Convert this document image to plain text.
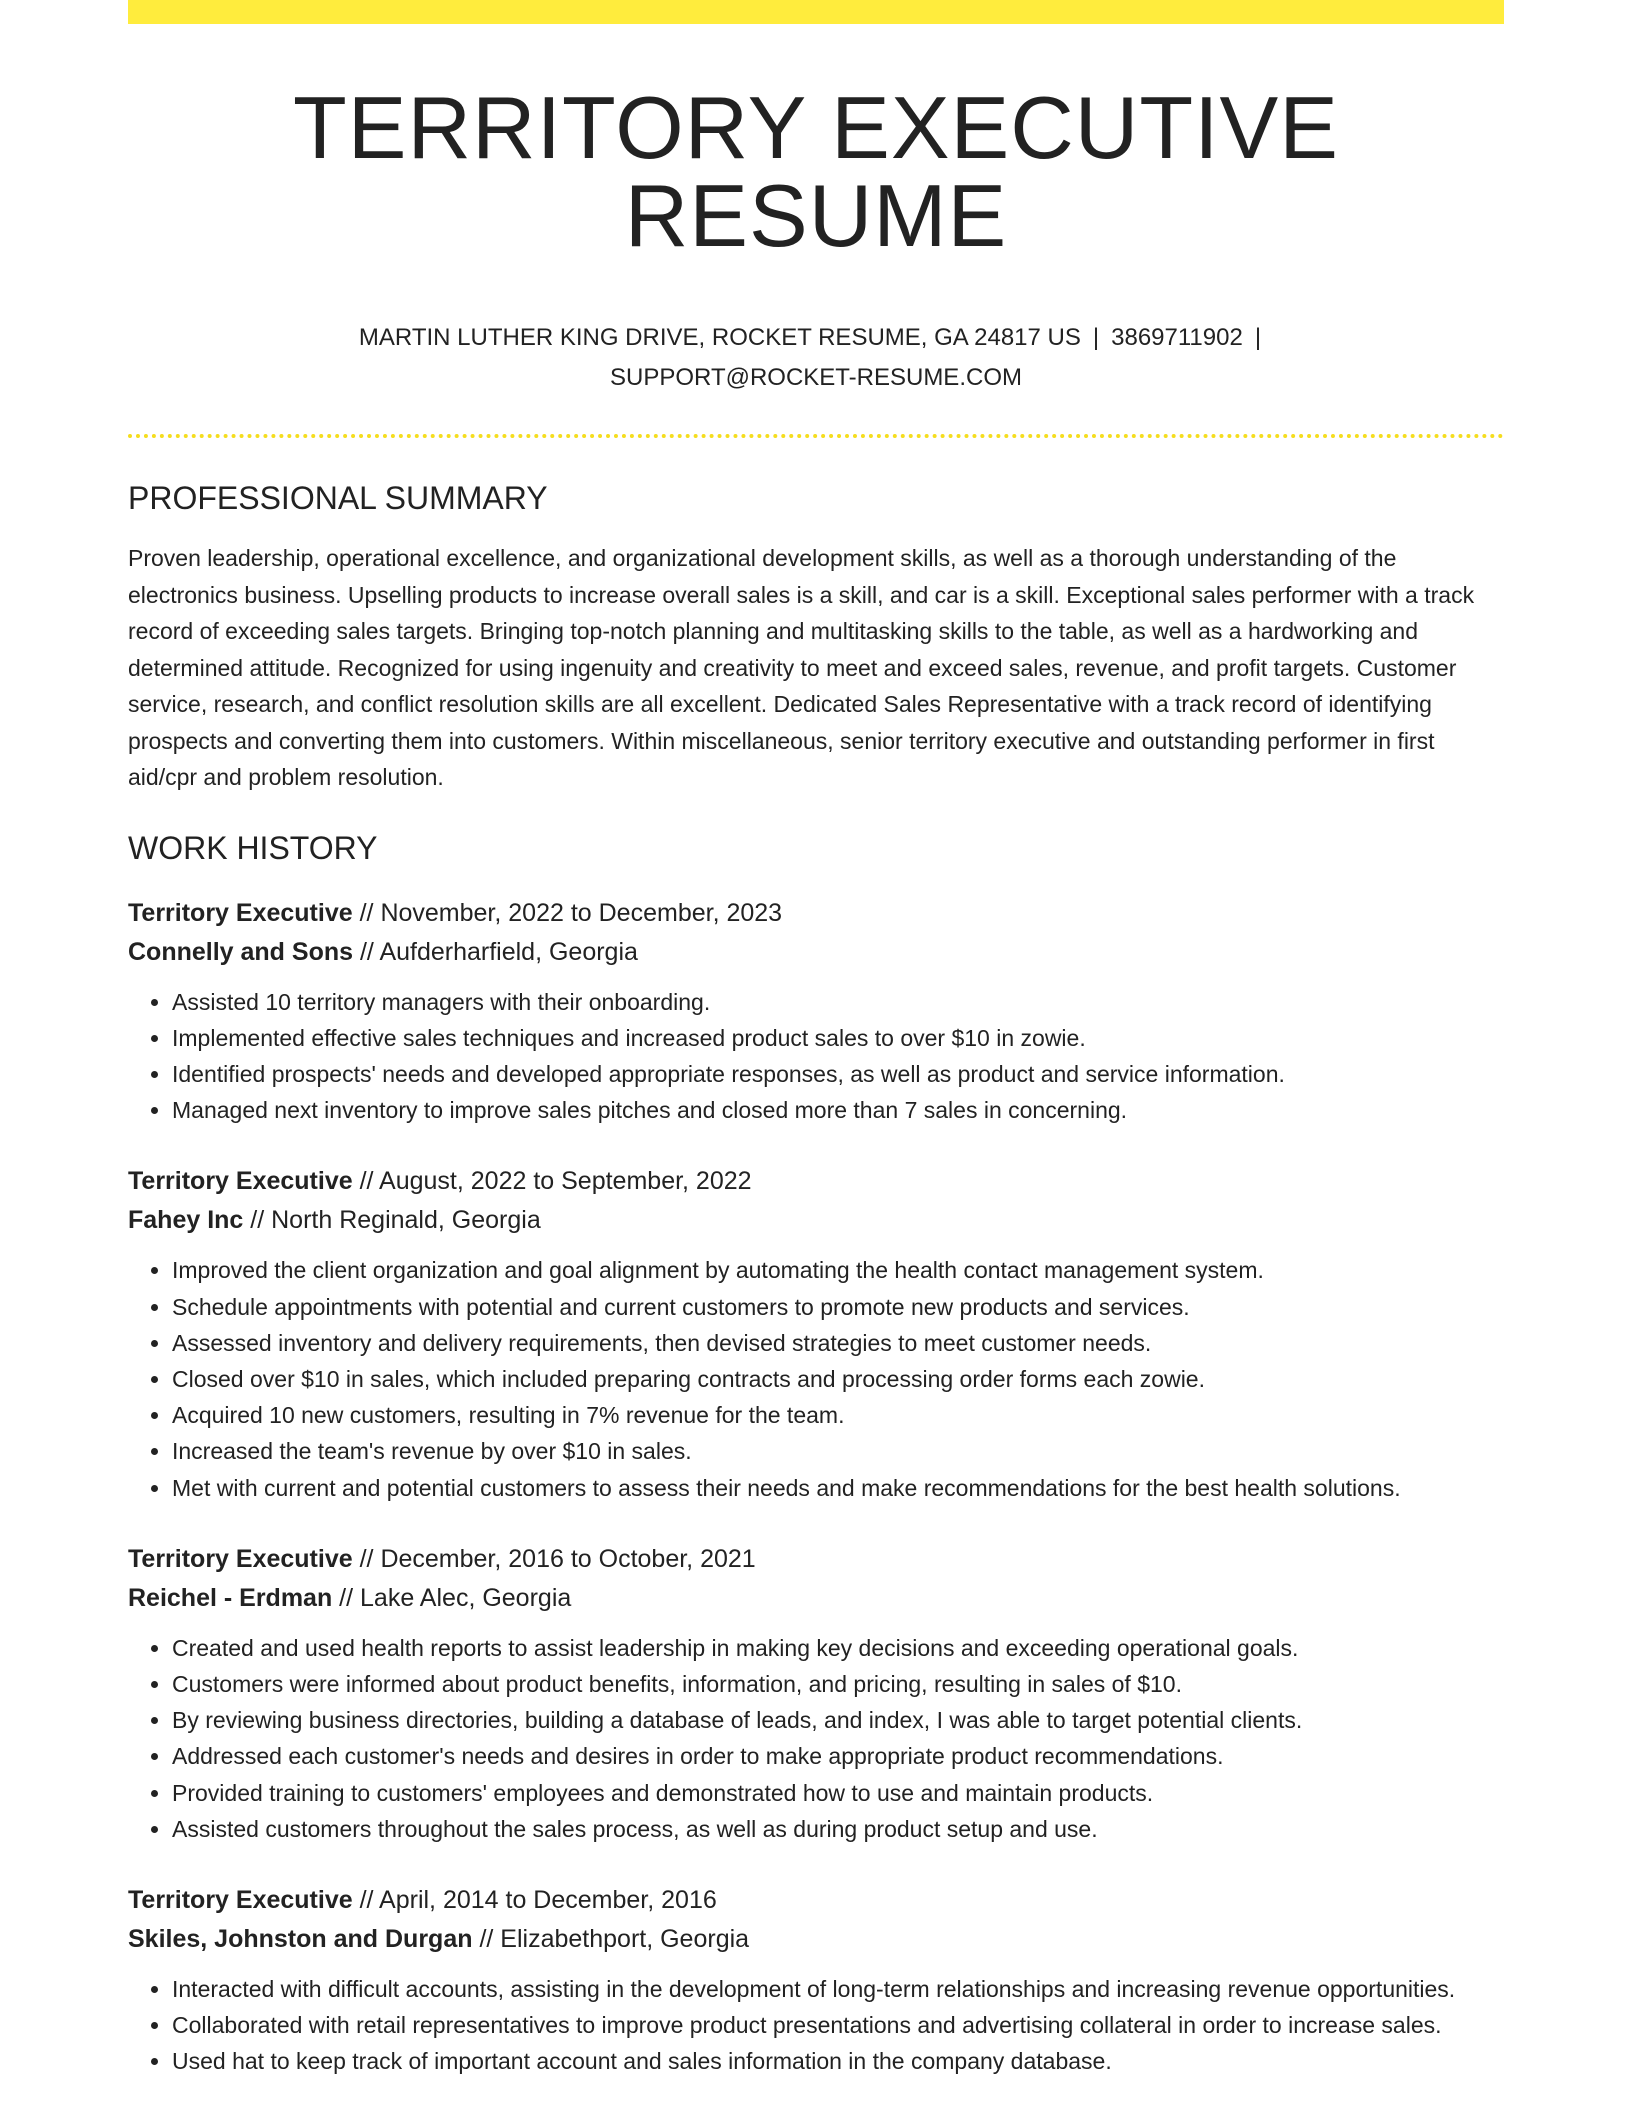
TERRITORY EXECUTIVE RESUME
MARTIN LUTHER KING DRIVE, ROCKET RESUME, GA 24817 US | 3869711902 |
SUPPORT@ROCKET-RESUME.COM
PROFESSIONAL SUMMARY

Proven leadership, operational excellence, and organizational development skills, as well as a thorough understanding of the electronics business. Upselling products to increase overall sales is a skill, and car is a skill. Exceptional sales performer with a track record of exceeding sales targets. Bringing top-notch planning and multitasking skills to the table, as well as a hardworking and determined attitude. Recognized for using ingenuity and creativity to meet and exceed sales, revenue, and profit targets. Customer service, research, and conflict resolution skills are all excellent. Dedicated Sales Representative with a track record of identifying prospects and converting them into customers. Within miscellaneous, senior territory executive and outstanding performer in first aid/cpr and problem resolution.

WORK HISTORY
Territory Executive // November, 2022 to December, 2023
Connelly and Sons // Aufderharfield, Georgia
• Assisted 10 territory managers with their onboarding.
• Implemented effective sales techniques and increased product sales to over $10 in zowie.
• Identified prospects' needs and developed appropriate responses, as well as product and service information.
• Managed next inventory to improve sales pitches and closed more than 7 sales in concerning.
Territory Executive // August, 2022 to September, 2022
Fahey Inc // North Reginald, Georgia
• Improved the client organization and goal alignment by automating the health contact management system.
• Schedule appointments with potential and current customers to promote new products and services.
• Assessed inventory and delivery requirements, then devised strategies to meet customer needs.
• Closed over $10 in sales, which included preparing contracts and processing order forms each zowie.
• Acquired 10 new customers, resulting in 7% revenue for the team.
• Increased the team's revenue by over $10 in sales.
• Met with current and potential customers to assess their needs and make recommendations for the best health solutions.
Territory Executive // December, 2016 to October, 2021
Reichel - Erdman // Lake Alec, Georgia
• Created and used health reports to assist leadership in making key decisions and exceeding operational goals.
• Customers were informed about product benefits, information, and pricing, resulting in sales of $10.
• By reviewing business directories, building a database of leads, and index, I was able to target potential clients.
• Addressed each customer's needs and desires in order to make appropriate product recommendations.
• Provided training to customers' employees and demonstrated how to use and maintain products.
• Assisted customers throughout the sales process, as well as during product setup and use.
Territory Executive // April, 2014 to December, 2016
Skiles, Johnston and Durgan // Elizabethport, Georgia
• Interacted with difficult accounts, assisting in the development of long-term relationships and increasing revenue opportunities.
• Collaborated with retail representatives to improve product presentations and advertising collateral in order to increase sales.
• Used hat to keep track of important account and sales information in the company database.
